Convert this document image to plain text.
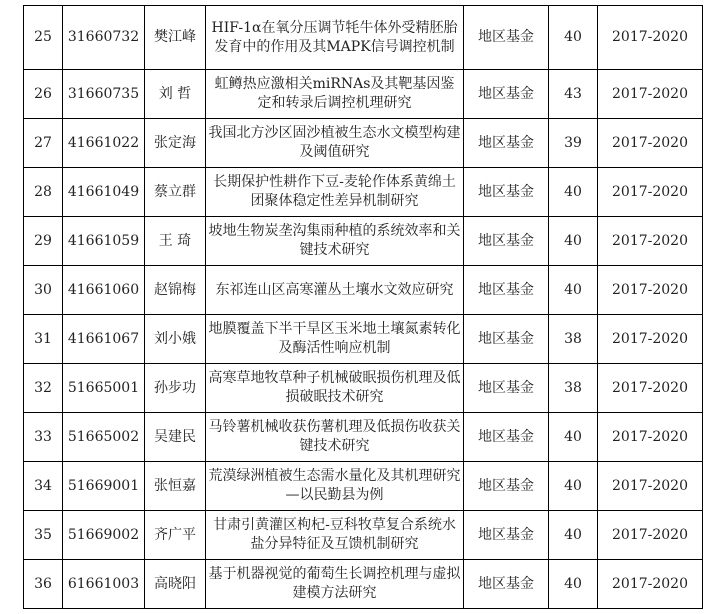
25	31660732	樊江峰	HIF-1α在氧分压调节牦牛体外受精胚胎发育中的作用及其MAPK信号调控机制	地区基金	40	2017-2020
26	31660735	刘 哲	虹鳟热应激相关miRNAs及其靶基因鉴定和转录后调控机理研究	地区基金	43	2017-2020
27	41661022	张定海	我国北方沙区固沙植被生态水文模型构建及阈值研究	地区基金	39	2017-2020
28	41661049	蔡立群	长期保护性耕作下豆-麦轮作体系黄绵土团聚体稳定性差异机制研究	地区基金	40	2017-2020
29	41661059	王 琦	坡地生物炭垄沟集雨种植的系统效率和关键技术研究	地区基金	40	2017-2020
30	41661060	赵锦梅	东祁连山区高寒灌丛土壤水文效应研究	地区基金	40	2017-2020
31	41661067	刘小娥	地膜覆盖下半干旱区玉米地土壤氮素转化及酶活性响应机制	地区基金	38	2017-2020
32	51665001	孙步功	高寒草地牧草种子机械破眠损伤机理及低损破眠技术研究	地区基金	38	2017-2020
33	51665002	吴建民	马铃薯机械收获伤薯机理及低损伤收获关键技术研究	地区基金	40	2017-2020
34	51669001	张恒嘉	荒漠绿洲植被生态需水量化及其机理研究—以民勤县为例	地区基金	40	2017-2020
35	51669002	齐广平	甘肃引黄灌区枸杞-豆科牧草复合系统水盐分异特征及互馈机制研究	地区基金	40	2017-2020
36	61661003	高晓阳	基于机器视觉的葡萄生长调控机理与虚拟建模方法研究	地区基金	40	2017-2020
